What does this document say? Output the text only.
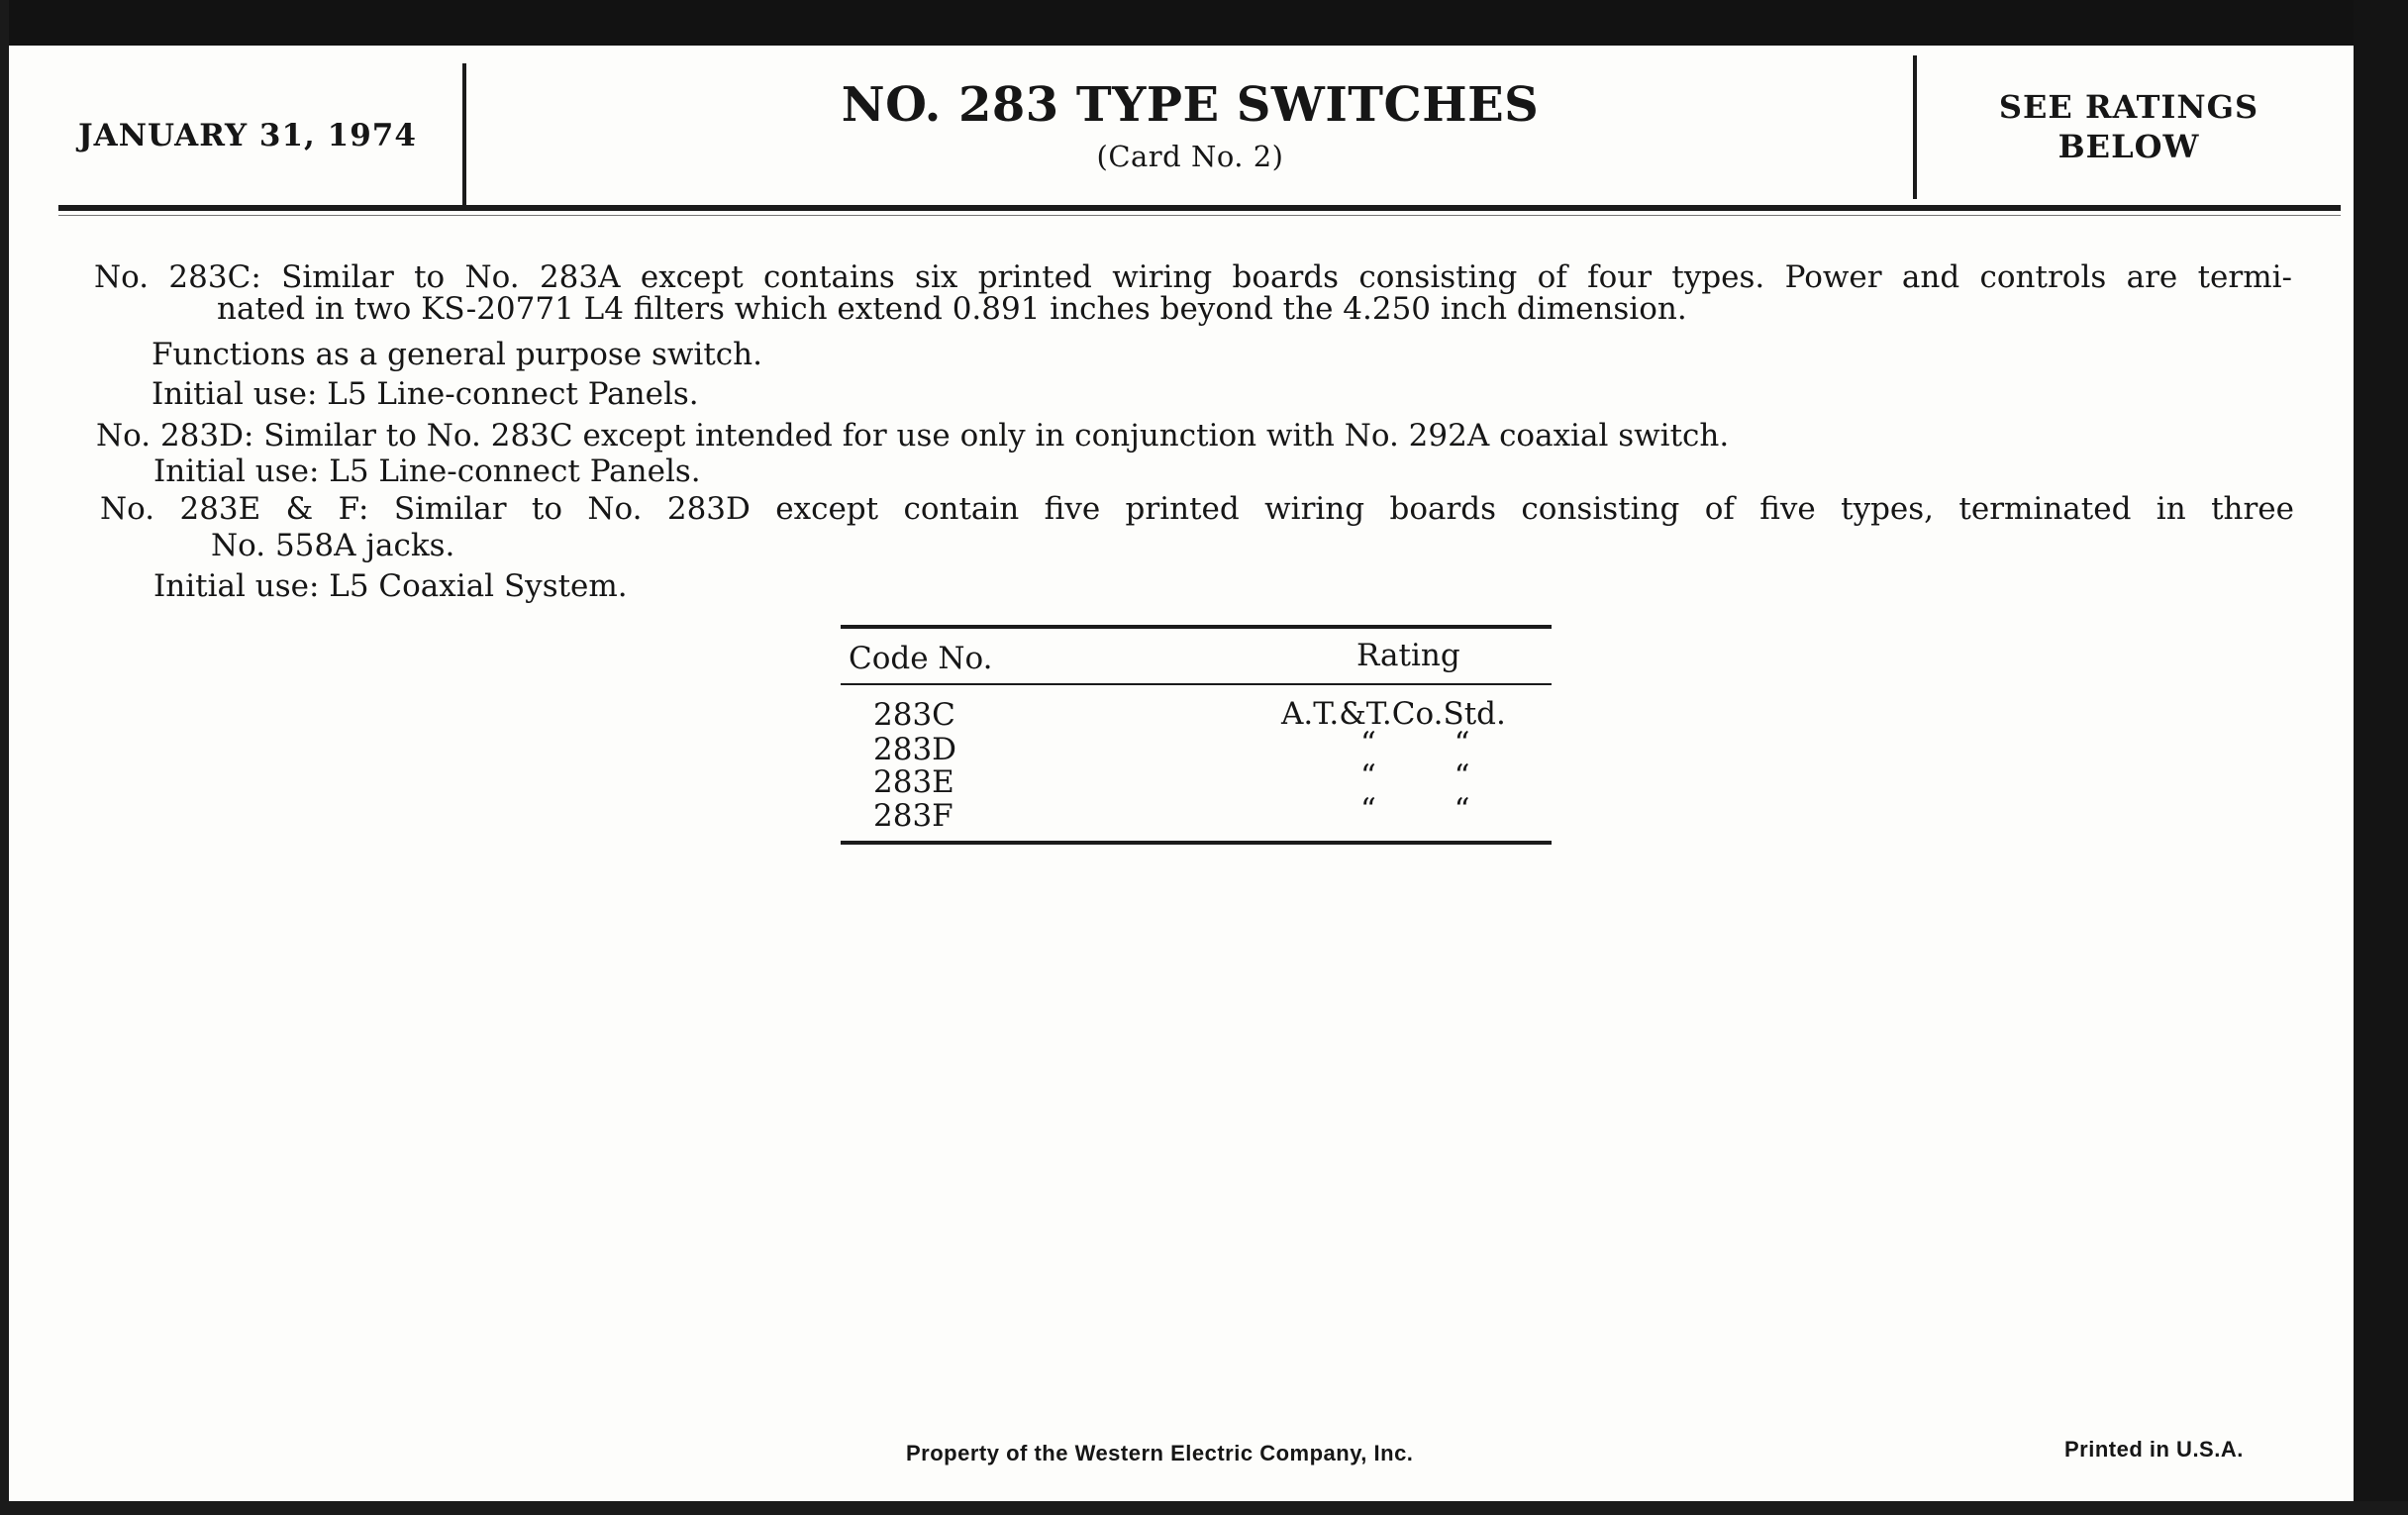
JANUARY 31, 1974
NO. 283 TYPE SWITCHES
(Card No. 2)
SEE RATINGS
BELOW
No. 283C: Similar to No. 283A except contains six printed wiring boards consisting of four types. Power and controls are termi-
nated in two KS-20771 L4 filters which extend 0.891 inches beyond the 4.250 inch dimension.
Functions as a general purpose switch.
Initial use: L5 Line-connect Panels.
No. 283D: Similar to No. 283C except intended for use only in conjunction with No. 292A coaxial switch.
Initial use: L5 Line-connect Panels.
No. 283E & F: Similar to No. 283D except contain five printed wiring boards consisting of five types, terminated in three
No. 558A jacks.
Initial use: L5 Coaxial System.
Code No.	Rating
283C	A.T.&T.Co.Std.
283D	“        “
283E	“        “
283F	“        “
Property of the Western Electric Company, Inc.	Printed in U.S.A.
